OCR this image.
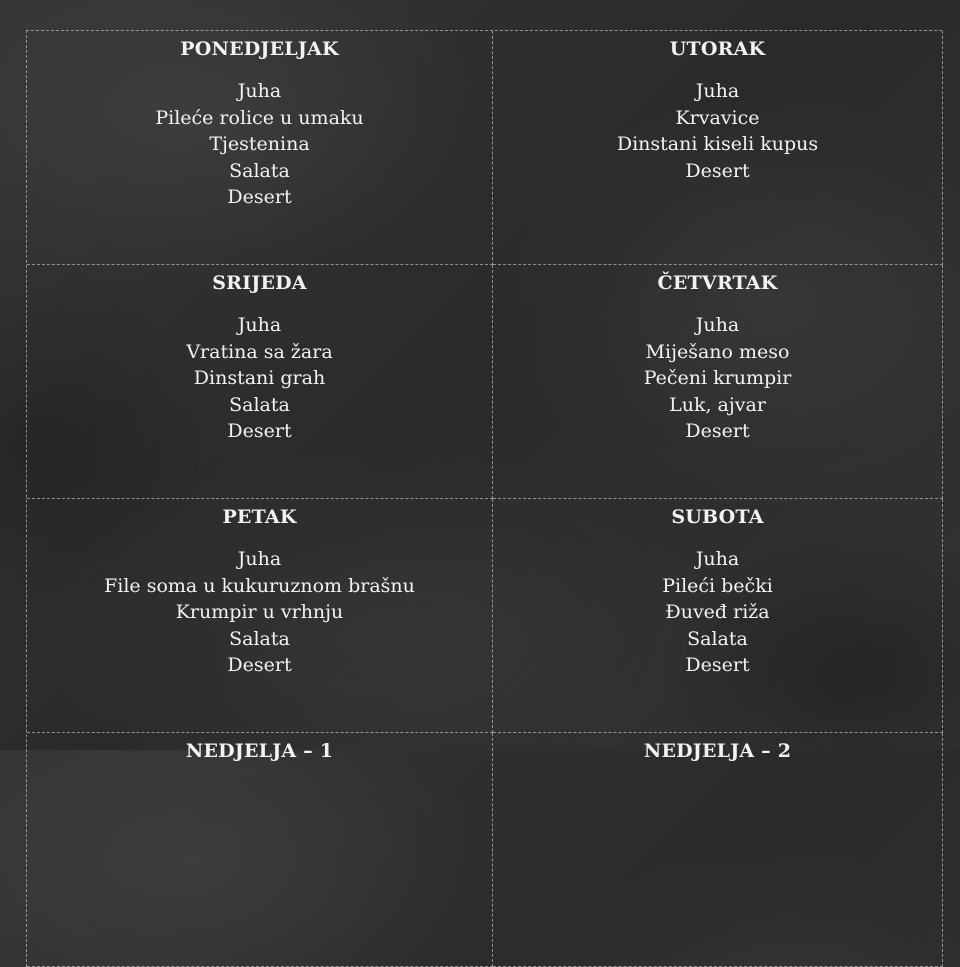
PONEDJELJAK
Juha
Pileće rolice u umaku
Tjestenina
Salata
Desert
UTORAK
Juha
Krvavice
Dinstani kiseli kupus
Desert
SRIJEDA
Juha
Vratina sa žara
Dinstani grah
Salata
Desert
ČETVRTAK
Juha
Miješano meso
Pečeni krumpir
Luk, ajvar
Desert
PETAK
Juha
File soma u kukuruznom brašnu
Krumpir u vrhnju
Salata
Desert
SUBOTA
Juha
Pileći bečki
Đuveđ riža
Salata
Desert
NEDJELJA – 1	NEDJELJA – 2
